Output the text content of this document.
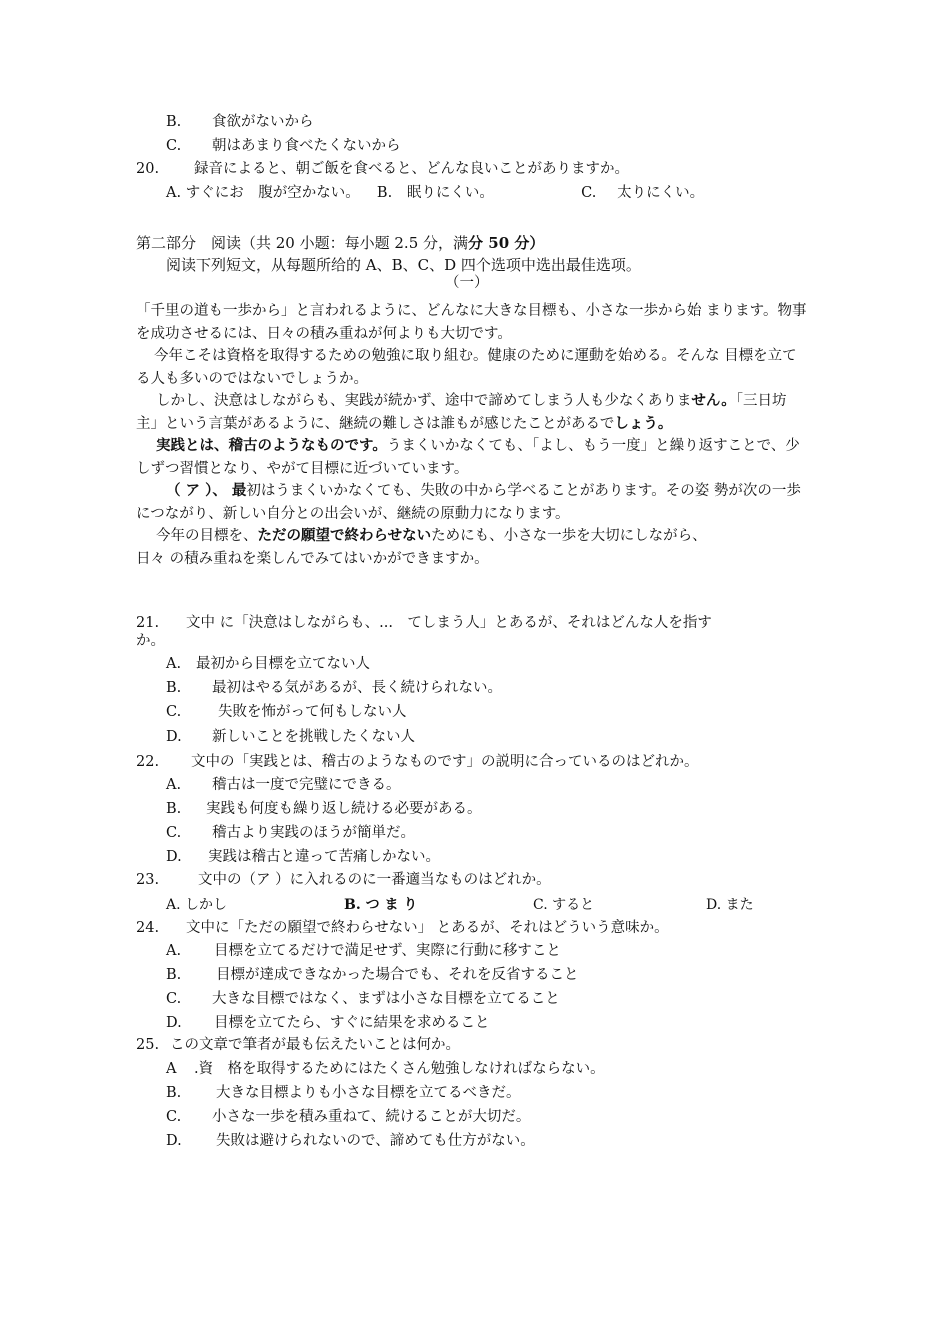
B. 食欲がないから
C. 朝はあまり食べたくないから
20. 録音によると、朝ご飯を食べると、どんな良いことがありますか。
A. すぐにお　腹が空かない。 B. 眠りにくい。	C. 太りにくい。
第二部分　阅读（共 20 小题：每小题 2.5 分，满分 50 分）
阅读下列短文，从每题所给的 A、B、C、D 四个选项中选出最佳选项。
（一）

「千里の道も一歩から」と言われるように、どんなに大きな目標も、小さな一歩から始 まります。物事を成功させるには、日々の積み重ねが何よりも大切です。

今年こそは資格を取得するための勉強に取り組む。健康のために運動を始める。そんな 目標を立てる人も多いのではないでしょうか。

しかし、決意はしながらも、実践が続かず、途中で諦めてしまう人も少なくありません。「三日坊主」という言葉があるように、継続の難しさは誰もが感じたことがあるでしょう。

実践とは、稽古のようなものです。うまくいかなくても、「よし、もう一度」と繰り返すことで、少しずつ習慣となり、やがて目標に近づいています。

（ ア ）、 最初はうまくいかなくても、失敗の中から学べることがあります。その姿 勢が次の一歩につながり、新しい自分との出会いが、継続の原動力になります。

今年の目標を、ただの願望で終わらせないためにも、小さな一歩を大切にしながら、

日々 の積み重ねを楽しんでみてはいかができますか。

21. 文中 に「決意はしながらも、...　てしまう人」とあるが、それはどんな人を指す
か。
A. 最初から目標を立てない人
B. 最初はやる気があるが、長く続けられない。
C.	失敗を怖がって何もしない人
D. 新しいことを挑戦したくない人
22. 文中の「実践とは、稽古のようなものです」の説明に合っているのはどれか。
A. 稽古は一度で完璧にできる。
B. 実践も何度も繰り返し続ける必要がある。
C. 稽古より実践のほうが簡単だ。
D. 実践は稽古と違って苦痛しかない。
23.	文中の（ア ）に入れるのに一番適当なものはどれか。
A. しかし	B. つ ま り	C. すると	D. また
24. 文中に「ただの願望で終わらせない」 とあるが、それはどういう意味か。
A. 目標を立てるだけで満足せず、実際に行動に移すこと
B. 目標が達成できなかった場合でも、それを反省すること
C. 大きな目標ではなく、まずは小さな目標を立てること
D. 目標を立てたら、すぐに結果を求めること
25. この文章で筆者が最も伝えたいことは何か。
A .資　格を取得するためにはたくさん勉強しなければならない。
B. 大きな目標よりも小さな目標を立てるべきだ。
C. 小さな一歩を積み重ねて、続けることが大切だ。
D. 失敗は避けられないので、諦めても仕方がない。
